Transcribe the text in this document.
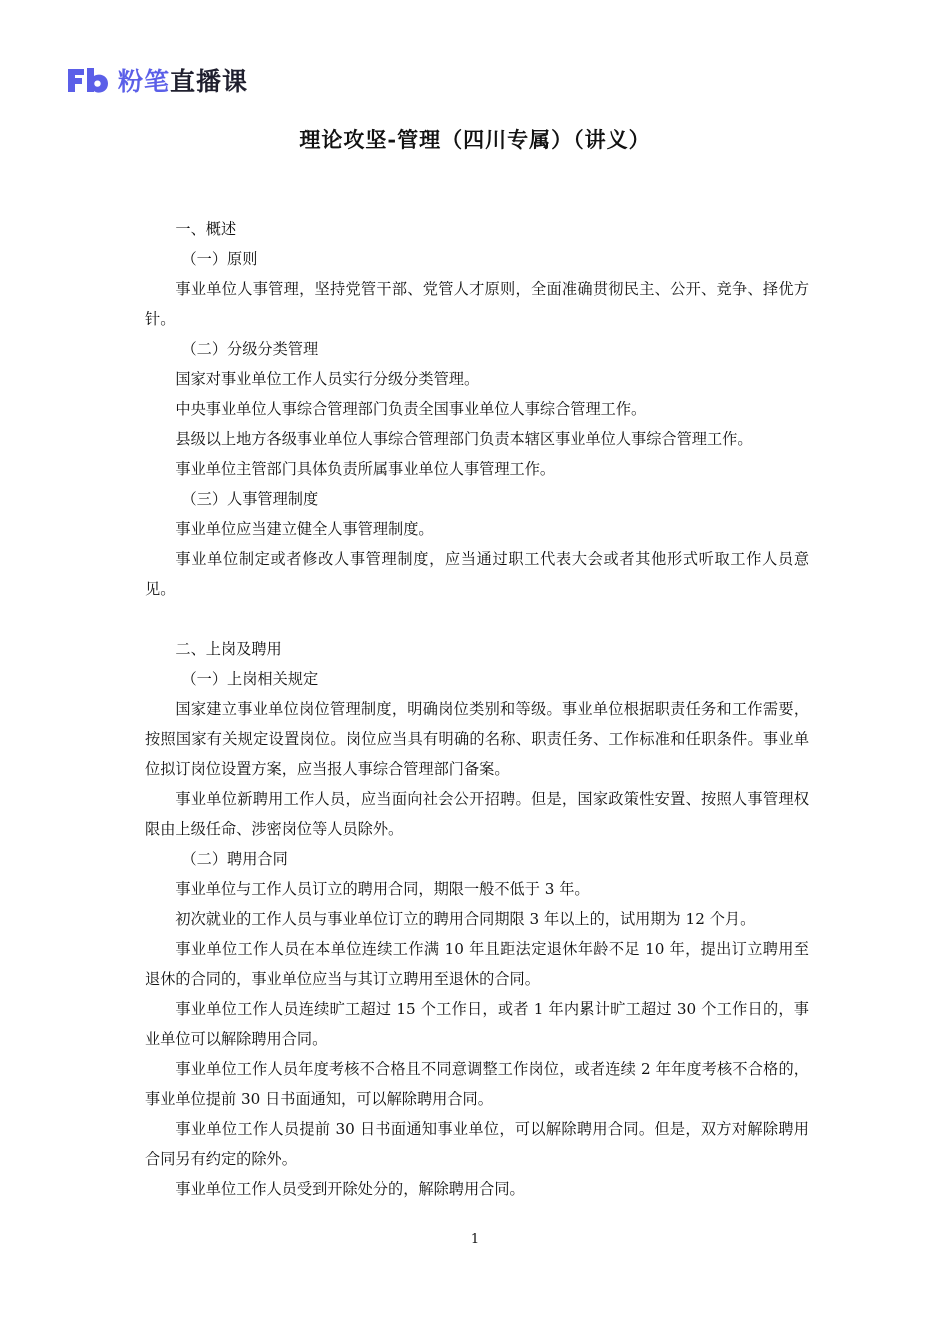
粉笔 直播课
理论攻坚-管理（四川专属）（讲义）

一、概述

（一）原则

事业单位人事管理，坚持党管干部、党管人才原则，全面准确贯彻民主、公开、竞争、择优方针。

（二）分级分类管理

国家对事业单位工作人员实行分级分类管理。

中央事业单位人事综合管理部门负责全国事业单位人事综合管理工作。

县级以上地方各级事业单位人事综合管理部门负责本辖区事业单位人事综合管理工作。

事业单位主管部门具体负责所属事业单位人事管理工作。

（三）人事管理制度

事业单位应当建立健全人事管理制度。

事业单位制定或者修改人事管理制度，应当通过职工代表大会或者其他形式听取工作人员意见。

二、上岗及聘用

（一）上岗相关规定

国家建立事业单位岗位管理制度，明确岗位类别和等级。事业单位根据职责任务和工作需要，按照国家有关规定设置岗位。岗位应当具有明确的名称、职责任务、工作标准和任职条件。事业单位拟订岗位设置方案，应当报人事综合管理部门备案。

事业单位新聘用工作人员，应当面向社会公开招聘。但是，国家政策性安置、按照人事管理权限由上级任命、涉密岗位等人员除外。

（二）聘用合同

事业单位与工作人员订立的聘用合同，期限一般不低于 3 年。

初次就业的工作人员与事业单位订立的聘用合同期限 3 年以上的，试用期为 12 个月。

事业单位工作人员在本单位连续工作满 10 年且距法定退休年龄不足 10 年，提出订立聘用至退休的合同的，事业单位应当与其订立聘用至退休的合同。

事业单位工作人员连续旷工超过 15 个工作日，或者 1 年内累计旷工超过 30 个工作日的，事业单位可以解除聘用合同。

事业单位工作人员年度考核不合格且不同意调整工作岗位，或者连续 2 年年度考核不合格的，事业单位提前 30 日书面通知，可以解除聘用合同。

事业单位工作人员提前 30 日书面通知事业单位，可以解除聘用合同。但是，双方对解除聘用合同另有约定的除外。

事业单位工作人员受到开除处分的，解除聘用合同。

1
